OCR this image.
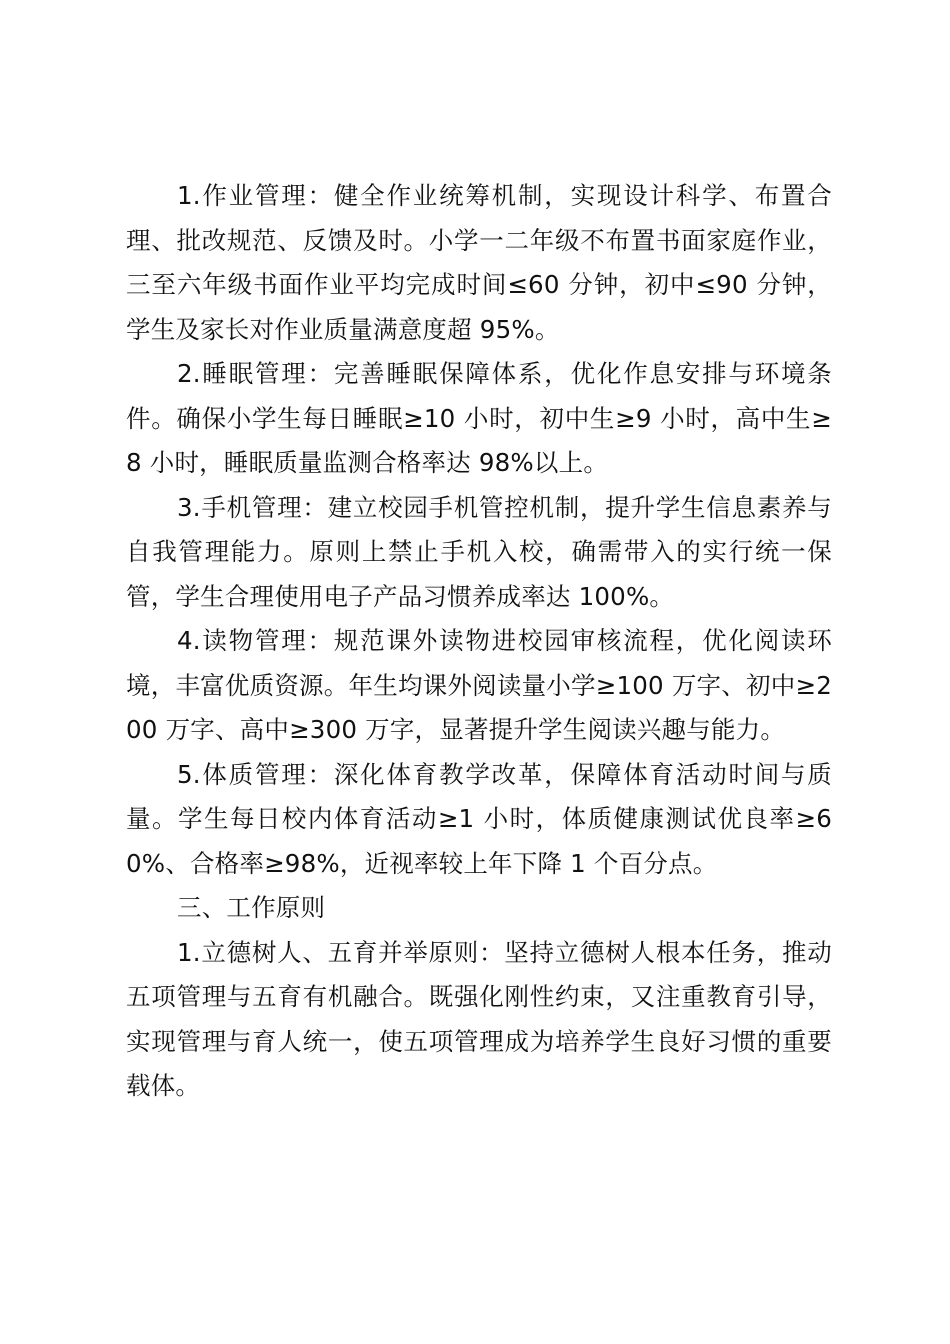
1.作业管理：健全作业统筹机制，实现设计科学、布置合理、批改规范、反馈及时。小学一二年级不布置书面家庭作业，三至六年级书面作业平均完成时间≤60 分钟，初中≤90 分钟，学生及家长对作业质量满意度超 95%。

2.睡眠管理：完善睡眠保障体系，优化作息安排与环境条件。确保小学生每日睡眠≥10 小时，初中生≥9 小时，高中生≥8 小时，睡眠质量监测合格率达 98%以上。

3.手机管理：建立校园手机管控机制，提升学生信息素养与自我管理能力。原则上禁止手机入校，确需带入的实行统一保管，学生合理使用电子产品习惯养成率达 100%。

4.读物管理：规范课外读物进校园审核流程，优化阅读环境，丰富优质资源。年生均课外阅读量小学≥100 万字、初中≥200 万字、高中≥300 万字，显著提升学生阅读兴趣与能力。

5.体质管理：深化体育教学改革，保障体育活动时间与质量。学生每日校内体育活动≥1 小时，体质健康测试优良率≥60%、合格率≥98%，近视率较上年下降 1 个百分点。

三、工作原则

1.立德树人、五育并举原则：坚持立德树人根本任务，推动五项管理与五育有机融合。既强化刚性约束，又注重教育引导，实现管理与育人统一，使五项管理成为培养学生良好习惯的重要载体。
